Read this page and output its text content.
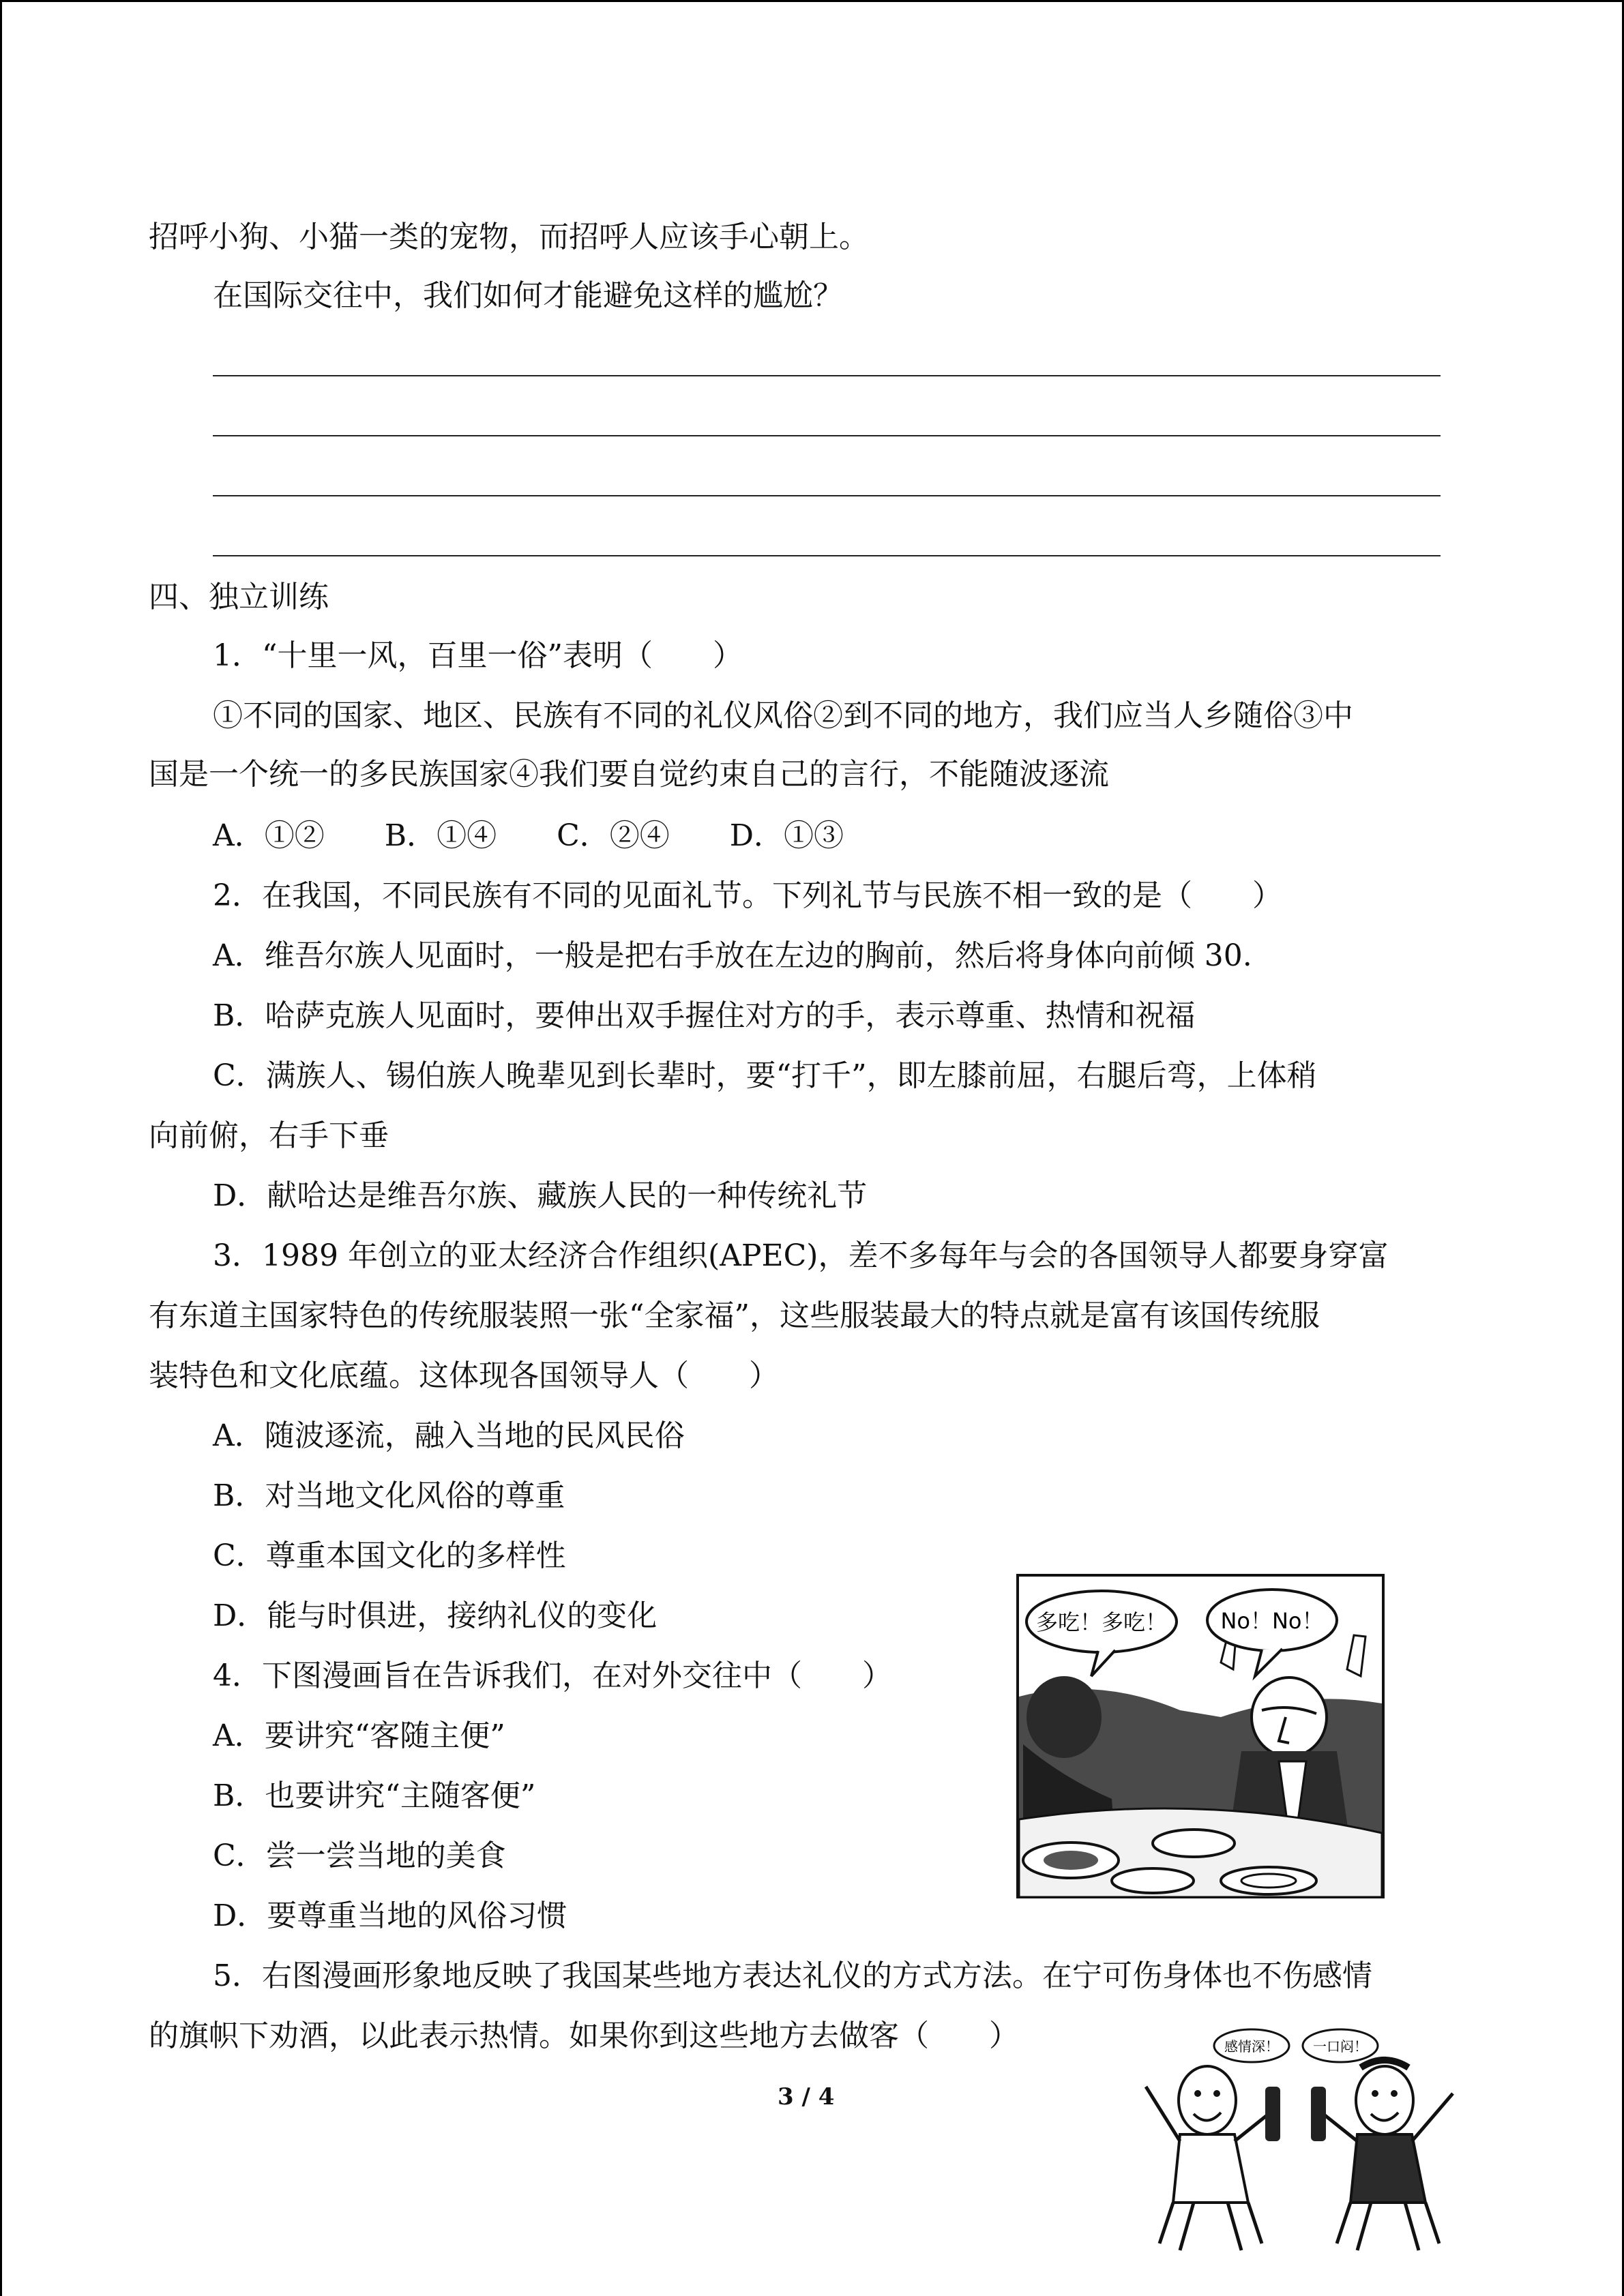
招呼小狗、小猫一类的宠物，而招呼人应该手心朝上。
在国际交往中，我们如何才能避免这样的尴尬？
四、独立训练
1．“十里一风，百里一俗”表明（　　）
①不同的国家、地区、民族有不同的礼仪风俗②到不同的地方，我们应当人乡随俗③中
国是一个统一的多民族国家④我们要自觉约束自己的言行，不能随波逐流
A．①②　　B．①④　　C．②④　　D．①③
2．在我国，不同民族有不同的见面礼节。下列礼节与民族不相一致的是（　　）
A．维吾尔族人见面时，一般是把右手放在左边的胸前，然后将身体向前倾 30.
B．哈萨克族人见面时，要伸出双手握住对方的手，表示尊重、热情和祝福
C．满族人、锡伯族人晚辈见到长辈时，要“打千”，即左膝前屈，右腿后弯，上体稍
向前俯，右手下垂
D．献哈达是维吾尔族、藏族人民的一种传统礼节
3．1989 年创立的亚太经济合作组织(APEC)，差不多每年与会的各国领导人都要身穿富
有东道主国家特色的传统服装照一张“全家福”，这些服装最大的特点就是富有该国传统服
装特色和文化底蕴。这体现各国领导人（　　）
A．随波逐流，融入当地的民风民俗
B．对当地文化风俗的尊重
C．尊重本国文化的多样性
D．能与时俱进，接纳礼仪的变化
4．下图漫画旨在告诉我们，在对外交往中（　　）
A．要讲究“客随主便”
B．也要讲究“主随客便”
C．尝一尝当地的美食
D．要尊重当地的风俗习惯
多吃！多吃！ No！No！
5．右图漫画形象地反映了我国某些地方表达礼仪的方式方法。在宁可伤身体也不伤感情
的旗帜下劝酒，以此表示热情。如果你到这些地方去做客（　　）	感情深！	一口闷！
3 / 4
